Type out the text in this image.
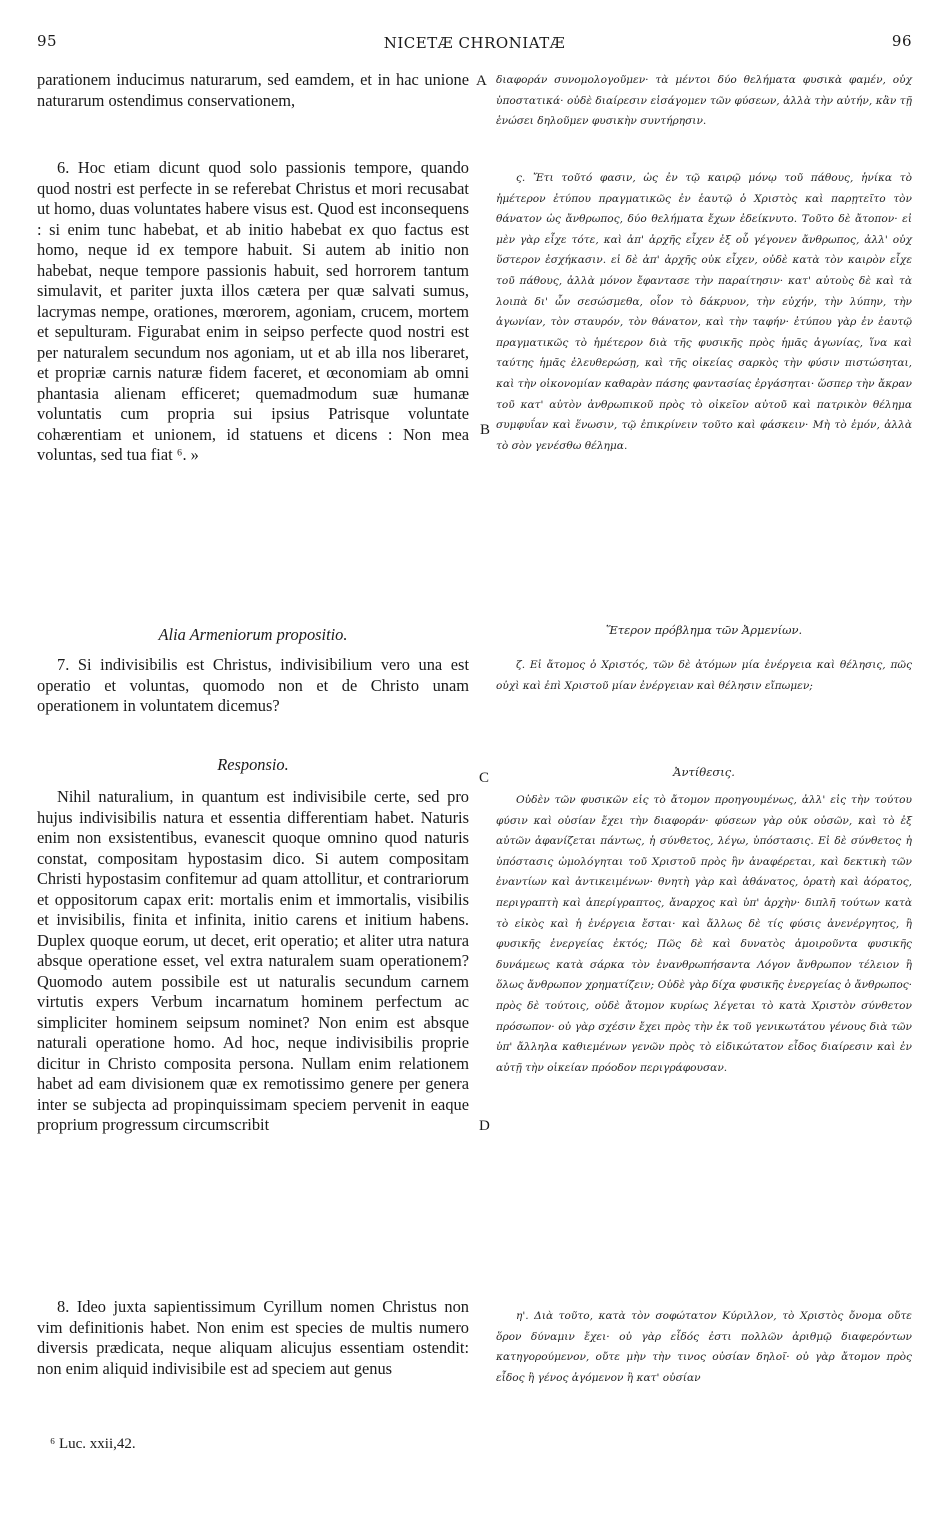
95	NICETÆ CHRONIATÆ	96
A
B
C
D

parationem inducimus naturarum, sed eamdem, et in hac unione naturarum ostendimus conservationem,

6. Hoc etiam dicunt quod solo passionis tempore, quando quod nostri est perfecte in se referebat Christus et mori recusabat ut homo, duas voluntates habere visus est. Quod est inconsequens : si enim tunc habebat, et ab initio habebat ex quo factus est homo, neque id ex tempore habuit. Si autem ab initio non habebat, neque tempore passionis habuit, sed horrorem tantum simulavit, et pariter juxta illos cætera per quæ salvati sumus, lacrymas nempe, orationes, mœrorem, agoniam, crucem, mortem et sepulturam. Figurabat enim in seipso perfecte quod nostri est per naturalem secundum nos agoniam, ut et ab illa nos liberaret, et propriæ carnis naturæ fidem faceret, et œconomiam ab omni phantasia alienam efficeret; quemadmodum suæ humanæ voluntatis cum propria sui ipsius Patrisque voluntate cohærentiam et unionem, id statuens et dicens : Non mea voluntas, sed tua fiat ⁶. »

Alia Armeniorum propositio.

7. Si indivisibilis est Christus, indivisibilium vero una est operatio et voluntas, quomodo non et de Christo unam operationem in voluntatem dicemus?

Responsio.

Nihil naturalium, in quantum est indivisibile certe, sed pro hujus indivisibilis natura et essentia differentiam habet. Naturis enim non exsistentibus, evanescit quoque omnino quod naturis constat, compositam hypostasim dico. Si autem compositam Christi hypostasim confitemur ad quam attollitur, et contrariorum et oppositorum capax erit: mortalis enim et immortalis, visibilis et invisibilis, finita et infinita, initio carens et initium habens. Duplex quoque eorum, ut decet, erit operatio; et aliter utra natura absque operatione esset, vel extra naturalem suam operationem? Quomodo autem possibile est ut naturalis secundum carnem virtutis expers Verbum incarnatum hominem perfectum ac simpliciter hominem seipsum nominet? Non enim est absque naturali operatione homo. Ad hoc, neque indivisibilis proprie dicitur in Christo composita persona. Nullam enim relationem habet ad eam divisionem quæ ex remotissimo genere per genera inter se subjecta ad propinquissimam speciem pervenit in eaque proprium progressum circumscribit

8. Ideo juxta sapientissimum Cyrillum nomen Christus non vim definitionis habet. Non enim est species de multis numero diversis prædicata, neque aliquam alicujus essentiam ostendit: non enim aliquid indivisibile est ad speciem aut genus

⁶ Luc. xxii,42.

διαφοράν συνομολογοῦμεν· τὰ μέντοι δύο θελήματα φυσικὰ φαμέν, οὐχ ὑποστατικά· οὐδὲ διαίρεσιν εἰσάγομεν τῶν φύσεων, ἀλλὰ τὴν αὐτήν, κἂν τῇ ἑνώσει δηλοῦμεν φυσικὴν συντήρησιν.

ς. Ἔτι τοῦτό φασιν, ὡς ἐν τῷ καιρῷ μόνῳ τοῦ πάθους, ἡνίκα τὸ ἡμέτερον ἐτύπου πραγματικῶς ἐν ἑαυτῷ ὁ Χριστὸς καὶ παρῃτεῖτο τὸν θάνατον ὡς ἄνθρωπος, δύο θελήματα ἔχων ἐδείκνυτο. Τοῦτο δὲ ἄτοπον· εἰ μὲν γὰρ εἶχε τότε, καὶ ἀπ' ἀρχῆς εἶχεν ἐξ οὗ γέγονεν ἄνθρωπος, ἀλλ' οὐχ ὕστερον ἐσχήκασιν. εἰ δὲ ἀπ' ἀρχῆς οὐκ εἶχεν, οὐδὲ κατὰ τὸν καιρὸν εἶχε τοῦ πάθους, ἀλλὰ μόνον ἔφαντασε τὴν παραίτησιν· κατ' αὐτοὺς δὲ καὶ τὰ λοιπὰ δι' ὧν σεσώσμεθα, οἷον τὸ δάκρυον, τὴν εὐχήν, τὴν λύπην, τὴν ἀγωνίαν, τὸν σταυρόν, τὸν θάνατον, καὶ τὴν ταφήν· ἐτύπου γὰρ ἐν ἑαυτῷ πραγματικῶς τὸ ἡμέτερον διὰ τῆς φυσικῆς πρὸς ἡμᾶς ἀγωνίας, ἵνα καὶ ταύτης ἡμᾶς ἐλευθερώσῃ, καὶ τῆς οἰκείας σαρκὸς τὴν φύσιν πιστώσηται, καὶ τὴν οἰκονομίαν καθαρὰν πάσης φαντασίας ἐργάσηται· ὥσπερ τὴν ἄκραν τοῦ κατ' αὐτὸν ἀνθρωπικοῦ πρὸς τὸ οἰκεῖον αὐτοῦ καὶ πατρικὸν θέλημα συμφυΐαν καὶ ἕνωσιν, τῷ ἐπικρίνειν τοῦτο καὶ φάσκειν· Μὴ τὸ ἐμόν, ἀλλὰ τὸ σὸν γενέσθω θέλημα.

Ἕτερον πρόβλημα τῶν Ἀρμενίων.

ζ. Εἰ ἄτομος ὁ Χριστός, τῶν δὲ ἀτόμων μία ἐνέργεια καὶ θέλησις, πῶς οὐχὶ καὶ ἐπὶ Χριστοῦ μίαν ἐνέργειαν καὶ θέλησιν εἴπωμεν;

Ἀντίθεσις.

Οὐδὲν τῶν φυσικῶν εἰς τὸ ἄτομον προηγουμένως, ἀλλ' εἰς τὴν τούτου φύσιν καὶ οὐσίαν ἔχει τὴν διαφοράν· φύσεων γὰρ οὐκ οὐσῶν, καὶ τὸ ἐξ αὐτῶν ἀφανίζεται πάντως, ἡ σύνθετος, λέγω, ὑπόστασις. Εἰ δὲ σύνθετος ἡ ὑπόστασις ὡμολόγηται τοῦ Χριστοῦ πρὸς ἣν ἀναφέρεται, καὶ δεκτικὴ τῶν ἐναντίων καὶ ἀντικειμένων· θνητὴ γὰρ καὶ ἀθάνατος, ὁρατὴ καὶ ἀόρατος, περιγραπτὴ καὶ ἀπερίγραπτος, ἄναρχος καὶ ὑπ' ἀρχὴν· διπλῆ τούτων κατὰ τὸ εἰκὸς καὶ ἡ ἐνέργεια ἔσται· καὶ ἄλλως δὲ τίς φύσις ἀνενέργητος, ἢ φυσικῆς ἐνεργείας ἐκτός; Πῶς δὲ καὶ δυνατὸς ἀμοιροῦντα φυσικῆς δυνάμεως κατὰ σάρκα τὸν ἐνανθρωπήσαντα Λόγον ἄνθρωπον τέλειον ἢ ὅλως ἄνθρωπον χρηματίζειν; Οὐδὲ γὰρ δίχα φυσικῆς ἐνεργείας ὁ ἄνθρωπος· πρὸς δὲ τούτοις, οὐδὲ ἄτομον κυρίως λέγεται τὸ κατὰ Χριστὸν σύνθετον πρόσωπον· οὐ γὰρ σχέσιν ἔχει πρὸς τὴν ἐκ τοῦ γενικωτάτου γένους διὰ τῶν ὑπ' ἄλληλα καθιεμένων γενῶν πρὸς τὸ εἰδικώτατον εἶδος διαίρεσιν καὶ ἐν αὐτῇ τὴν οἰκείαν πρόοδον περιγράφουσαν.

η'. Διὰ τοῦτο, κατὰ τὸν σοφώτατον Κύριλλον, τὸ Χριστὸς ὄνομα οὔτε ὅρον δύναμιν ἔχει· οὐ γὰρ εἶδός ἐστι πολλῶν ἀριθμῷ διαφερόντων κατηγορούμενον, οὔτε μὴν τὴν τινος οὐσίαν δηλοῖ· οὐ γὰρ ἄτομον πρὸς εἶδος ἢ γένος ἀγόμενον ἢ κατ' οὐσίαν
